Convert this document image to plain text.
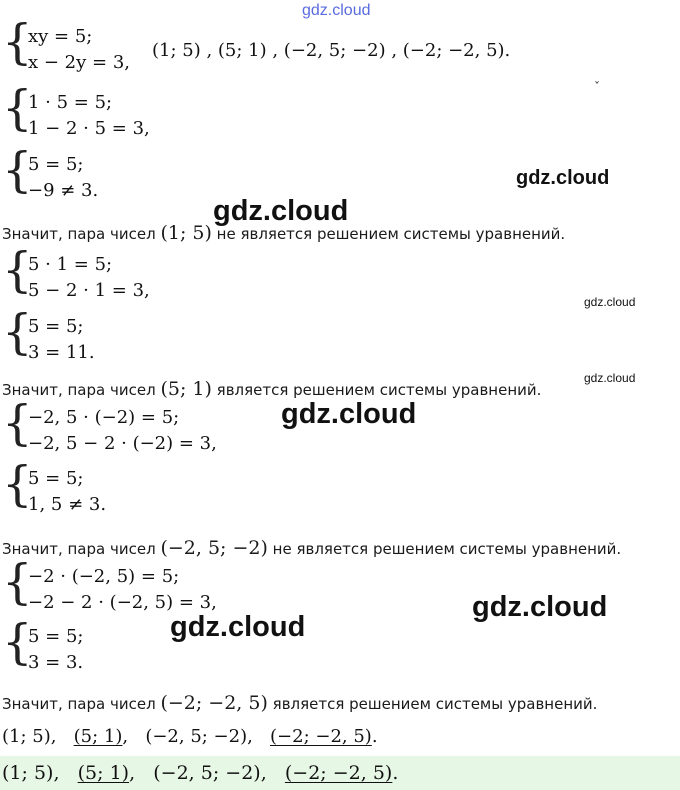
gdz.cloud
{
xy = 5;
x − 2y = 3,
(1; 5) , (5; 1) , (−2, 5; −2) , (−2; −2, 5).
ˇ
{
1 · 5 = 5;
1 − 2 · 5 = 3,
{
5 = 5;
−9 ≠ 3.
gdz.cloud
gdz.cloud
Значит, пара чисел (1; 5) не является решением системы уравнений.
{
5 · 1 = 5;
5 − 2 · 1 = 3,
gdz.cloud
{
5 = 5;
3 = 11.
gdz.cloud
Значит, пара чисел (5; 1) является решением системы уравнений.
{
−2, 5 · (−2) = 5;
−2, 5 − 2 · (−2) = 3,
gdz.cloud
{
5 = 5;
1, 5 ≠ 3.
Значит, пара чисел (−2, 5; −2) не является решением системы уравнений.
{
−2 · (−2, 5) = 5;
−2 − 2 · (−2, 5) = 3,	gdz.cloud
gdz.cloud
{
5 = 5;
3 = 3.
Значит, пара чисел (−2; −2, 5) является решением системы уравнений.
(1; 5), (5; 1), (−2, 5; −2), (−2; −2, 5).
(1; 5), (5; 1), (−2, 5; −2), (−2; −2, 5).
